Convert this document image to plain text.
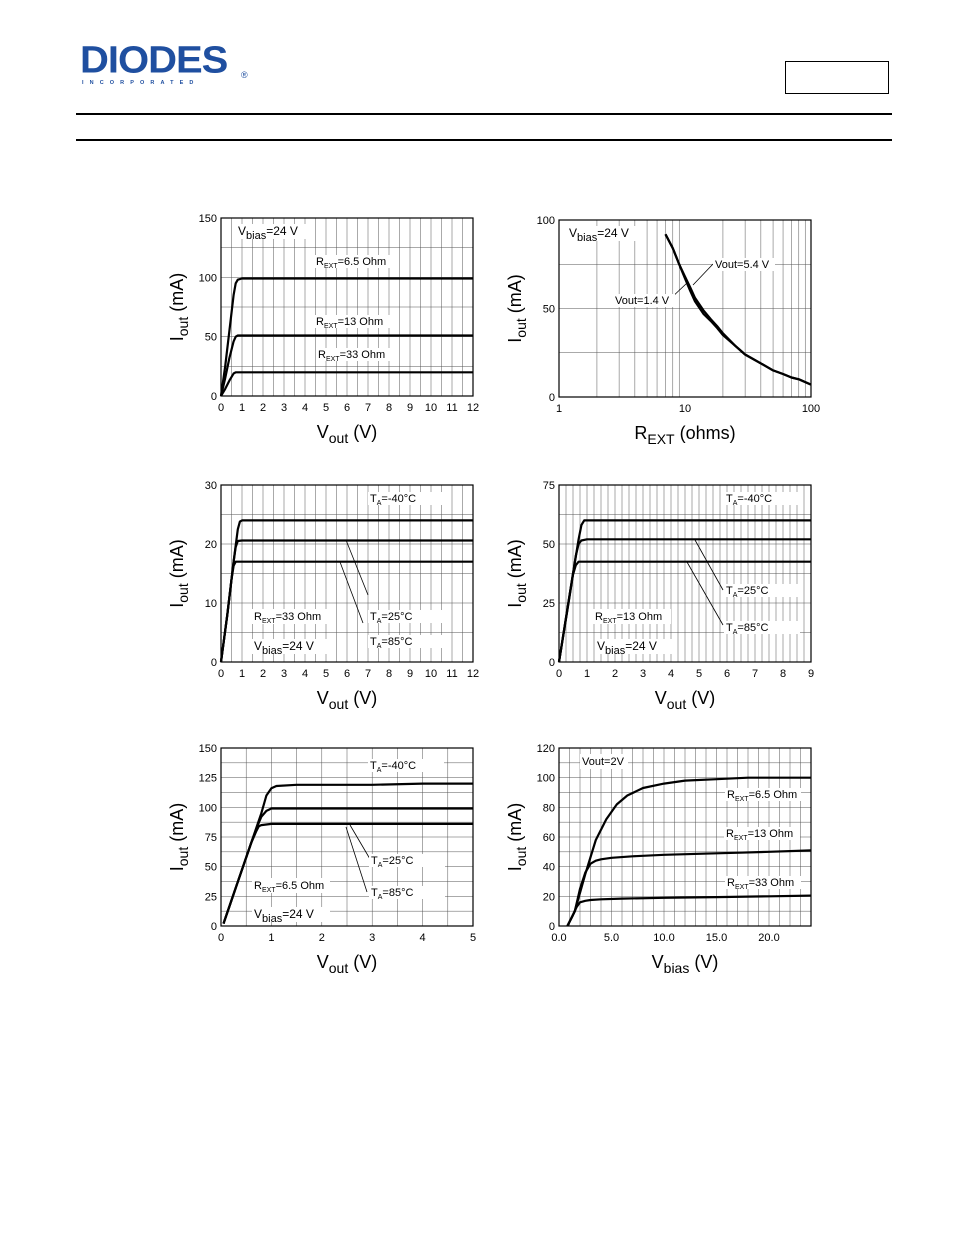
DIODES ®
INCORPORATED
0 1 2 3 4 5 6 7 8 9 10 11 12
0
50
100
150
$V_{out}$ (V)
$I_{out}$ (mA)
$R_{EXT}=6.5$ Ohm
$R_{EXT}=13$ Ohm
$R_{EXT}=33$ Ohm
Vbias=24 V
1	10	100
0
50
100
$R_{EXT}$ (ohms)
$I_{out}$ (mA)
Vout=5.4 V
Vout=1.4 V
Vbias=24 V
0 1 2 3 4 5 6 7 8 9 10 11 12
0
10
20
30
$V_{out}$ (V)
$I_{out}$ (mA)
$T_A=-40^\circ C$
$T_A=25^\circ C$
$T_A=85^\circ C$
$R_{EXT}=33$ Ohm
Vbias=24 V
0 1 2 3 4 5 6 7 8 9
0
25
50
75
$V_{out}$ (V)
$I_{out}$ (mA)
$T_A=-40^\circ C$
$T_A=25^\circ C$
$T_A=85^\circ C$
$R_{EXT}=13$ Ohm
Vbias=24 V
0	1	2	3	4	5
0
25
50
75
100
125
150
$V_{out}$ (V)
$I_{out}$ (mA)
$T_A=-40^\circ C$
$T_A=25^\circ C$
$T_A=85^\circ C$
$R_{EXT}=6.5$ Ohm
Vbias=24 V
0.0	5.0	10.0	15.0	20.0
0
20
40
60
80
100
120
$V_{bias}$ (V)
$I_{out}$ (mA)
$R_{EXT}=6.5$ Ohm
$R_{EXT}=13$ Ohm
$R_{EXT}=33$ Ohm
Vout=2V
